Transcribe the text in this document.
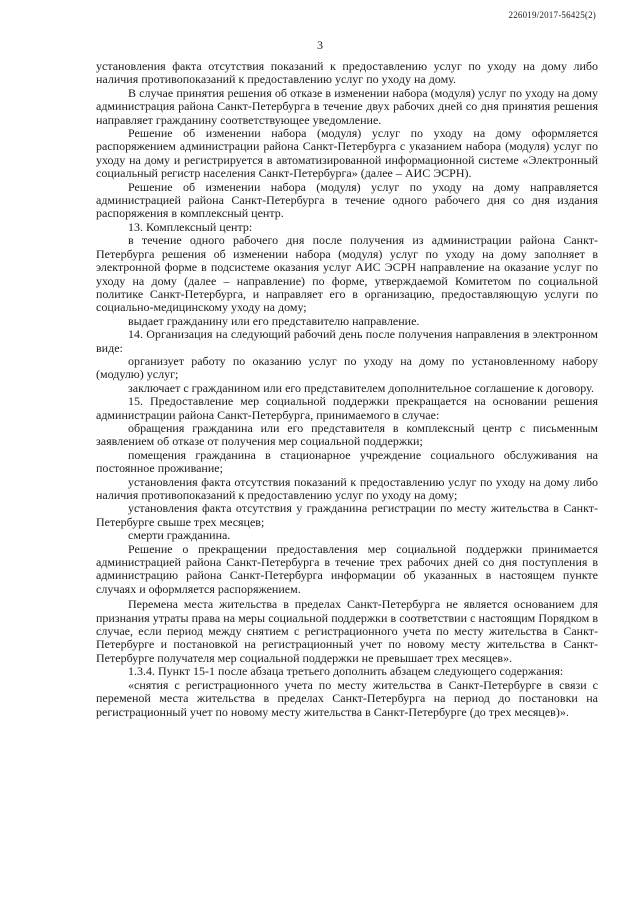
226019/2017-56425(2)
3

установления факта отсутствия показаний к предоставлению услуг по уходу на дому либо наличия противопоказаний к предоставлению услуг по уходу на дому.

В случае принятия решения об отказе в изменении набора (модуля) услуг по уходу на дому администрация района Санкт-Петербурга в течение двух рабочих дней со дня принятия решения направляет гражданину соответствующее уведомление.

Решение об изменении набора (модуля) услуг по уходу на дому оформляется распоряжением администрации района Санкт-Петербурга с указанием набора (модуля) услуг по уходу на дому и регистрируется в автоматизированной информационной системе «Электронный социальный регистр населения Санкт-Петербурга» (далее – АИС ЭСРН).

Решение об изменении набора (модуля) услуг по уходу на дому направляется администрацией района Санкт-Петербурга в течение одного рабочего дня со дня издания распоряжения в комплексный центр.

13. Комплексный центр:

в течение одного рабочего дня после получения из администрации района Санкт-Петербурга решения об изменении набора (модуля) услуг по уходу на дому заполняет в электронной форме в подсистеме оказания услуг АИС ЭСРН направление на оказание услуг по уходу на дому (далее – направление) по форме, утверждаемой Комитетом по социальной политике Санкт-Петербурга, и направляет его в организацию, предоставляющую услуги по социально-медицинскому уходу на дому;

выдает гражданину или его представителю направление.

14. Организация на следующий рабочий день после получения направления в электронном виде:

организует работу по оказанию услуг по уходу на дому по установленному набору (модулю) услуг;

заключает с гражданином или его представителем дополнительное соглашение к договору.

15. Предоставление мер социальной поддержки прекращается на основании решения администрации района Санкт-Петербурга, принимаемого в случае:

обращения гражданина или его представителя в комплексный центр с письменным заявлением об отказе от получения мер социальной поддержки;

помещения гражданина в стационарное учреждение социального обслуживания на постоянное проживание;

установления факта отсутствия показаний к предоставлению услуг по уходу на дому либо наличия противопоказаний к предоставлению услуг по уходу на дому;

установления факта отсутствия у гражданина регистрации по месту жительства в Санкт-Петербурге свыше трех месяцев;

смерти гражданина.

Решение о прекращении предоставления мер социальной поддержки принимается администрацией района Санкт-Петербурга в течение трех рабочих дней со дня поступления в администрацию района Санкт-Петербурга информации об указанных в настоящем пункте случаях и оформляется распоряжением.

Перемена места жительства в пределах Санкт-Петербурга не является основанием для признания утраты права на меры социальной поддержки в соответствии с настоящим Порядком в случае, если период между снятием с регистрационного учета по месту жительства в Санкт-Петербурге и постановкой на регистрационный учет по новому месту жительства в Санкт-Петербурге получателя мер социальной поддержки не превышает трех месяцев».

1.3.4. Пункт 15-1 после абзаца третьего дополнить абзацем следующего содержания:

«снятия с регистрационного учета по месту жительства в Санкт-Петербурге в связи с переменой места жительства в пределах Санкт-Петербурга на период до постановки на регистрационный учет по новому месту жительства в Санкт-Петербурге (до трех месяцев)».
